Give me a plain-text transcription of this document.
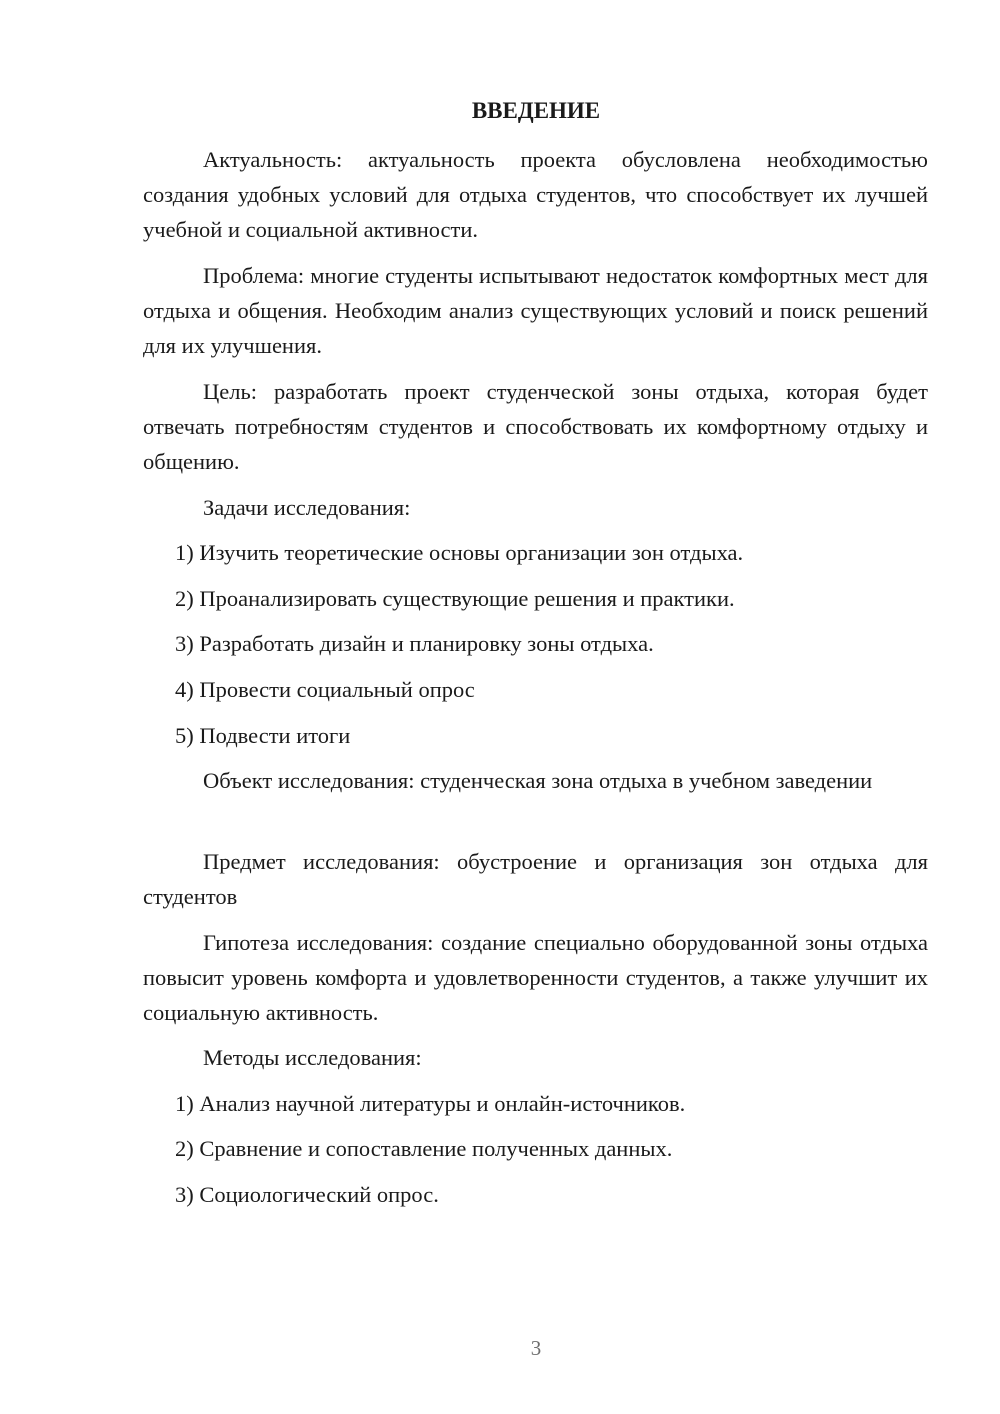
ВВЕДЕНИЕ

Актуальность: актуальность проекта обусловлена необходимостью создания удобных условий для отдыха студентов, что способствует их лучшей учебной и социальной активности.

Проблема: многие студенты испытывают недостаток комфортных мест для отдыха и общения. Необходим анализ существующих условий и поиск решений для их улучшения.

Цель: разработать проект студенческой зоны отдыха, которая будет отвечать потребностям студентов и способствовать их комфортному отдыху и общению.

Задачи исследования:

1) Изучить теоретические основы организации зон отдыха.

2) Проанализировать существующие решения и практики.

3) Разработать дизайн и планировку зоны отдыха.

4) Провести социальный опрос

5) Подвести итоги

Объект исследования: студенческая зона отдыха в учебном заведении

Предмет исследования: обустроение и организация зон отдыха для студентов

Гипотеза исследования: создание специально оборудованной зоны отдыха повысит уровень комфорта и удовлетворенности студентов, а также улучшит их социальную активность.

Методы исследования:

1) Анализ научной литературы и онлайн-источников.

2) Сравнение и сопоставление полученных данных.

3) Социологический опрос.

3
